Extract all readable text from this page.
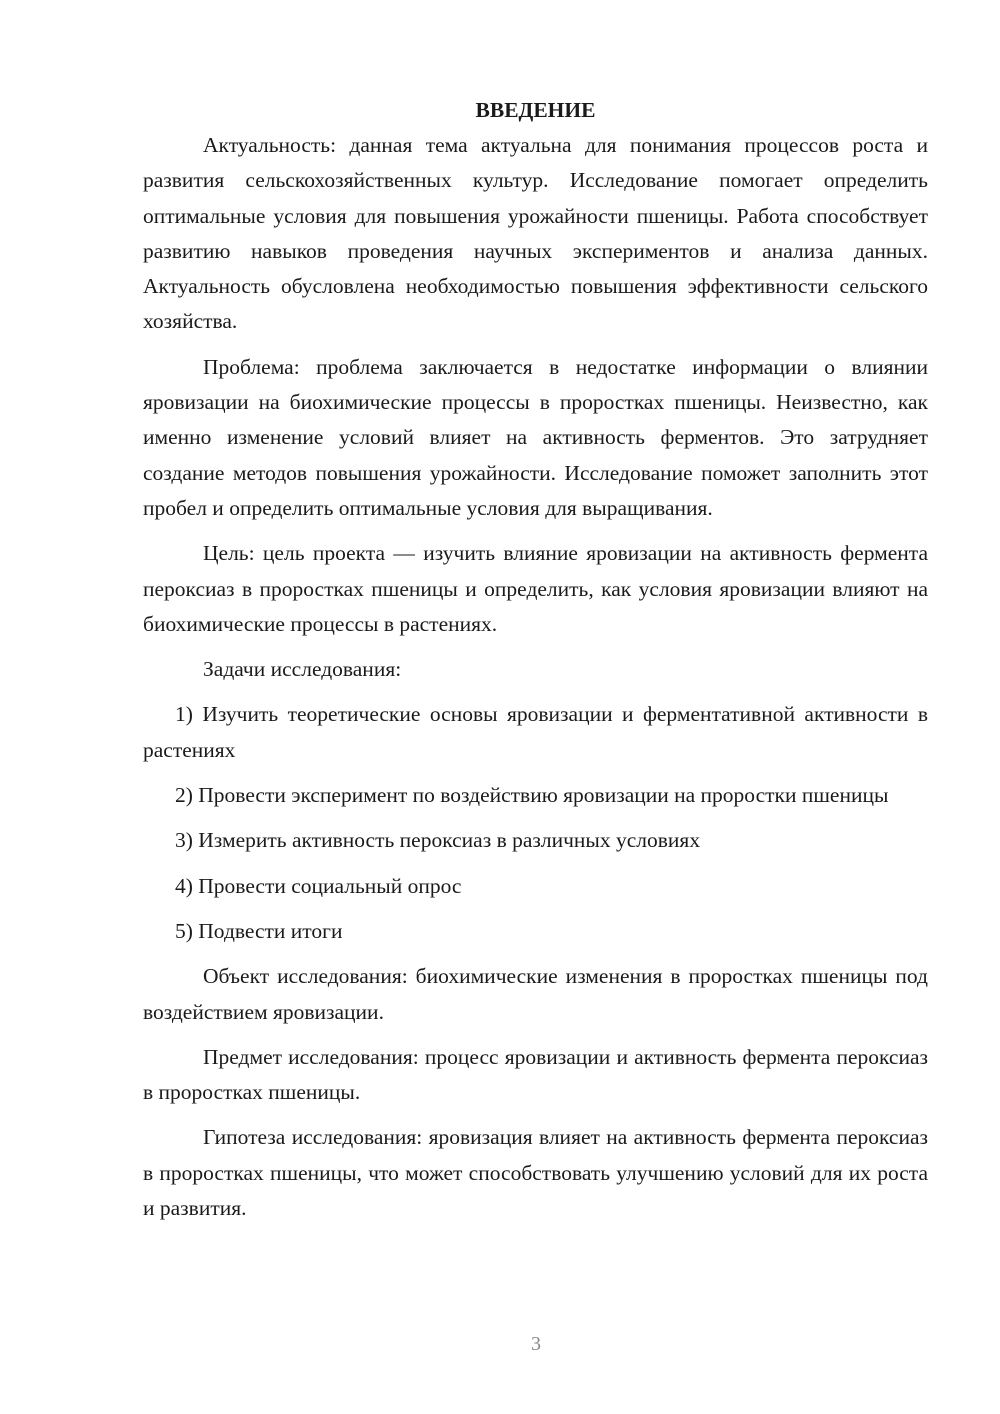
ВВЕДЕНИЕ

Актуальность: данная тема актуальна для понимания процессов роста и развития сельскохозяйственных культур. Исследование помогает определить оптимальные условия для повышения урожайности пшеницы. Работа способствует развитию навыков проведения научных экспериментов и анализа данных. Актуальность обусловлена необходимостью повышения эффективности сельского хозяйства.

Проблема: проблема заключается в недостатке информации о влиянии яровизации на биохимические процессы в проростках пшеницы. Неизвестно, как именно изменение условий влияет на активность ферментов. Это затрудняет создание методов повышения урожайности. Исследование поможет заполнить этот пробел и определить оптимальные условия для выращивания.

Цель: цель проекта — изучить влияние яровизации на активность фермента пероксиаз в проростках пшеницы и определить, как условия яровизации влияют на биохимические процессы в растениях.

Задачи исследования:

1) Изучить теоретические основы яровизации и ферментативной активности в растениях

2) Провести эксперимент по воздействию яровизации на проростки пшеницы

3) Измерить активность пероксиаз в различных условиях

4) Провести социальный опрос

5) Подвести итоги

Объект исследования: биохимические изменения в проростках пшеницы под воздействием яровизации.

Предмет исследования: процесс яровизации и активность фермента пероксиаз в проростках пшеницы.

Гипотеза исследования: яровизация влияет на активность фермента пероксиаз в проростках пшеницы, что может способствовать улучшению условий для их роста и развития.

3
